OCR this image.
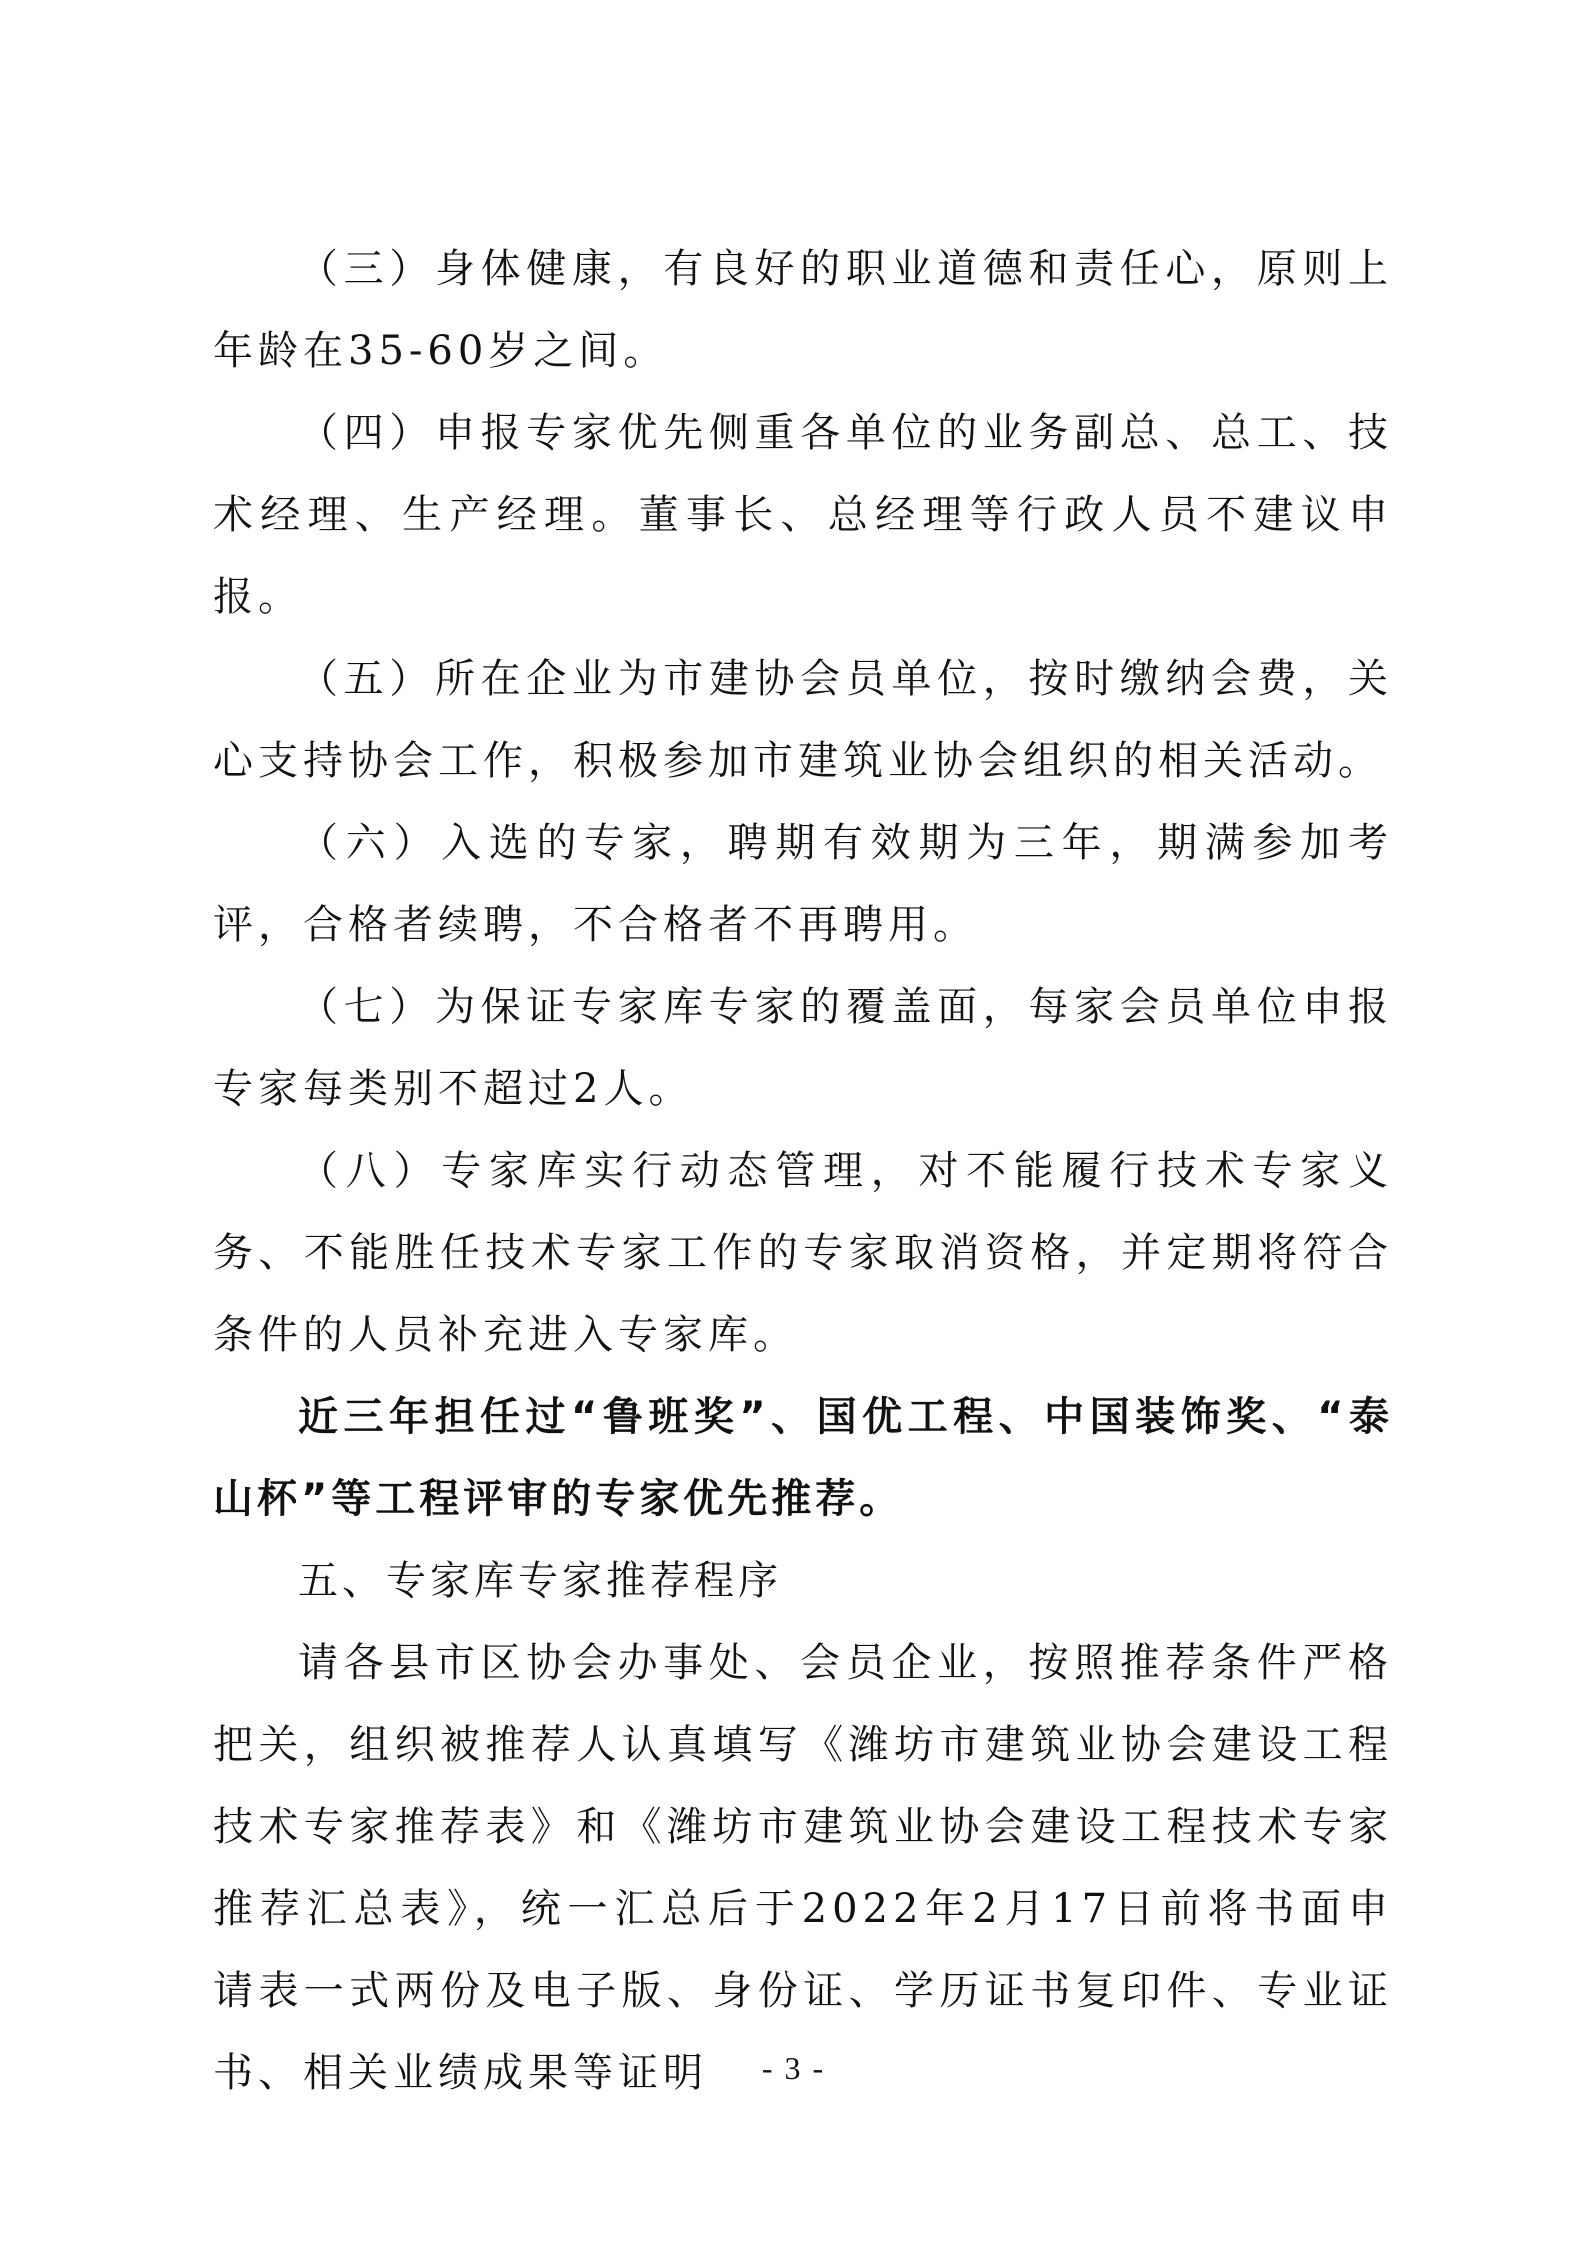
（三）身体健康，有良好的职业道德和责任心，原则上年龄在35-60岁之间。

（四）申报专家优先侧重各单位的业务副总、总工、技术经理、生产经理。董事长、总经理等行政人员不建议申报。

（五）所在企业为市建协会员单位，按时缴纳会费，关心支持协会工作，积极参加市建筑业协会组织的相关活动。

（六）入选的专家，聘期有效期为三年，期满参加考评，合格者续聘，不合格者不再聘用。

（七）为保证专家库专家的覆盖面，每家会员单位申报专家每类别不超过2人。

（八）专家库实行动态管理，对不能履行技术专家义务、不能胜任技术专家工作的专家取消资格，并定期将符合条件的人员补充进入专家库。

近三年担任过“鲁班奖”、国优工程、中国装饰奖、“泰山杯”等工程评审的专家优先推荐。

五、专家库专家推荐程序

请各县市区协会办事处、会员企业，按照推荐条件严格把关，组织被推荐人认真填写《潍坊市建筑业协会建设工程技术专家推荐表》和《潍坊市建筑业协会建设工程技术专家推荐汇总表》，统一汇总后于2022年2月17日前将书面申请表一式两份及电子版、身份证、学历证书复印件、专业证书、相关业绩成果等证明	- 3 -
